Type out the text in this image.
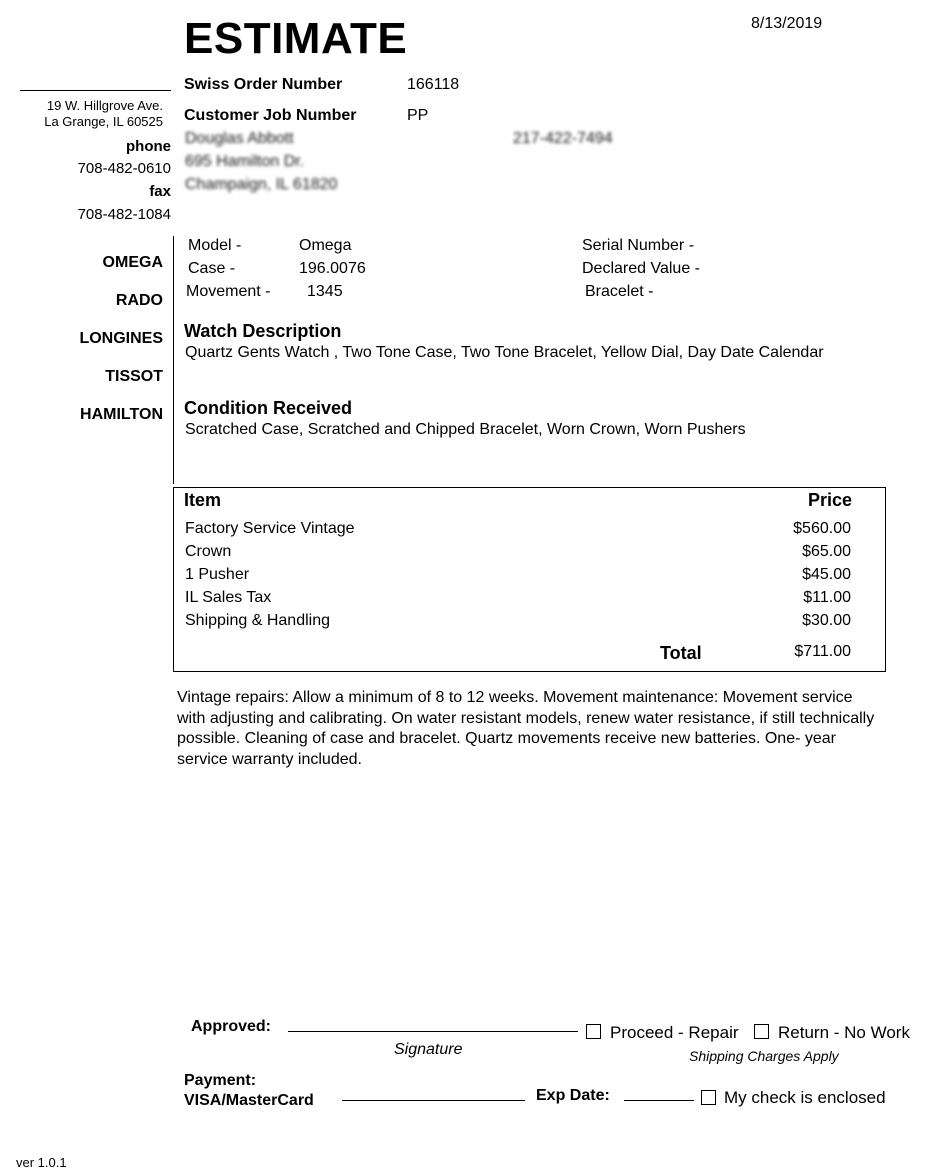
ESTIMATE	8/13/2019
19 W. Hillgrove Ave.
La Grange, IL 60525
phone
708-482-0610
fax
708-482-1084
OMEGA
RADO
LONGINES
TISSOT
HAMILTON
Swiss Order Number	166118
Customer Job Number	PP
Douglas Abbott
695 Hamilton Dr.
Champaign, IL 61820
217-422-7494
Model -	Omega
Case -	196.0076
Movement - 1345
Serial Number -
Declared Value -
Bracelet -
Watch Description
Quartz Gents Watch , Two Tone Case, Two Tone Bracelet, Yellow Dial, Day Date Calendar
Condition Received
Scratched Case, Scratched and Chipped Bracelet, Worn Crown, Worn Pushers
Item	Price
Factory Service Vintage	$560.00
Crown	$65.00
1 Pusher	$45.00
IL Sales Tax	$11.00
Shipping & Handling	$30.00
Total	$711.00
Vintage repairs: Allow a minimum of 8 to 12 weeks. Movement maintenance: Movement service with adjusting and calibrating. On water resistant models, renew water resistance, if still technically possible. Cleaning of case and bracelet. Quartz movements receive new batteries. One- year service warranty included.
Approved:
Signature
Proceed - Repair Return - No Work
Shipping Charges Apply
Payment:
VISA/MasterCard	Exp Date:	My check is enclosed
ver 1.0.1
